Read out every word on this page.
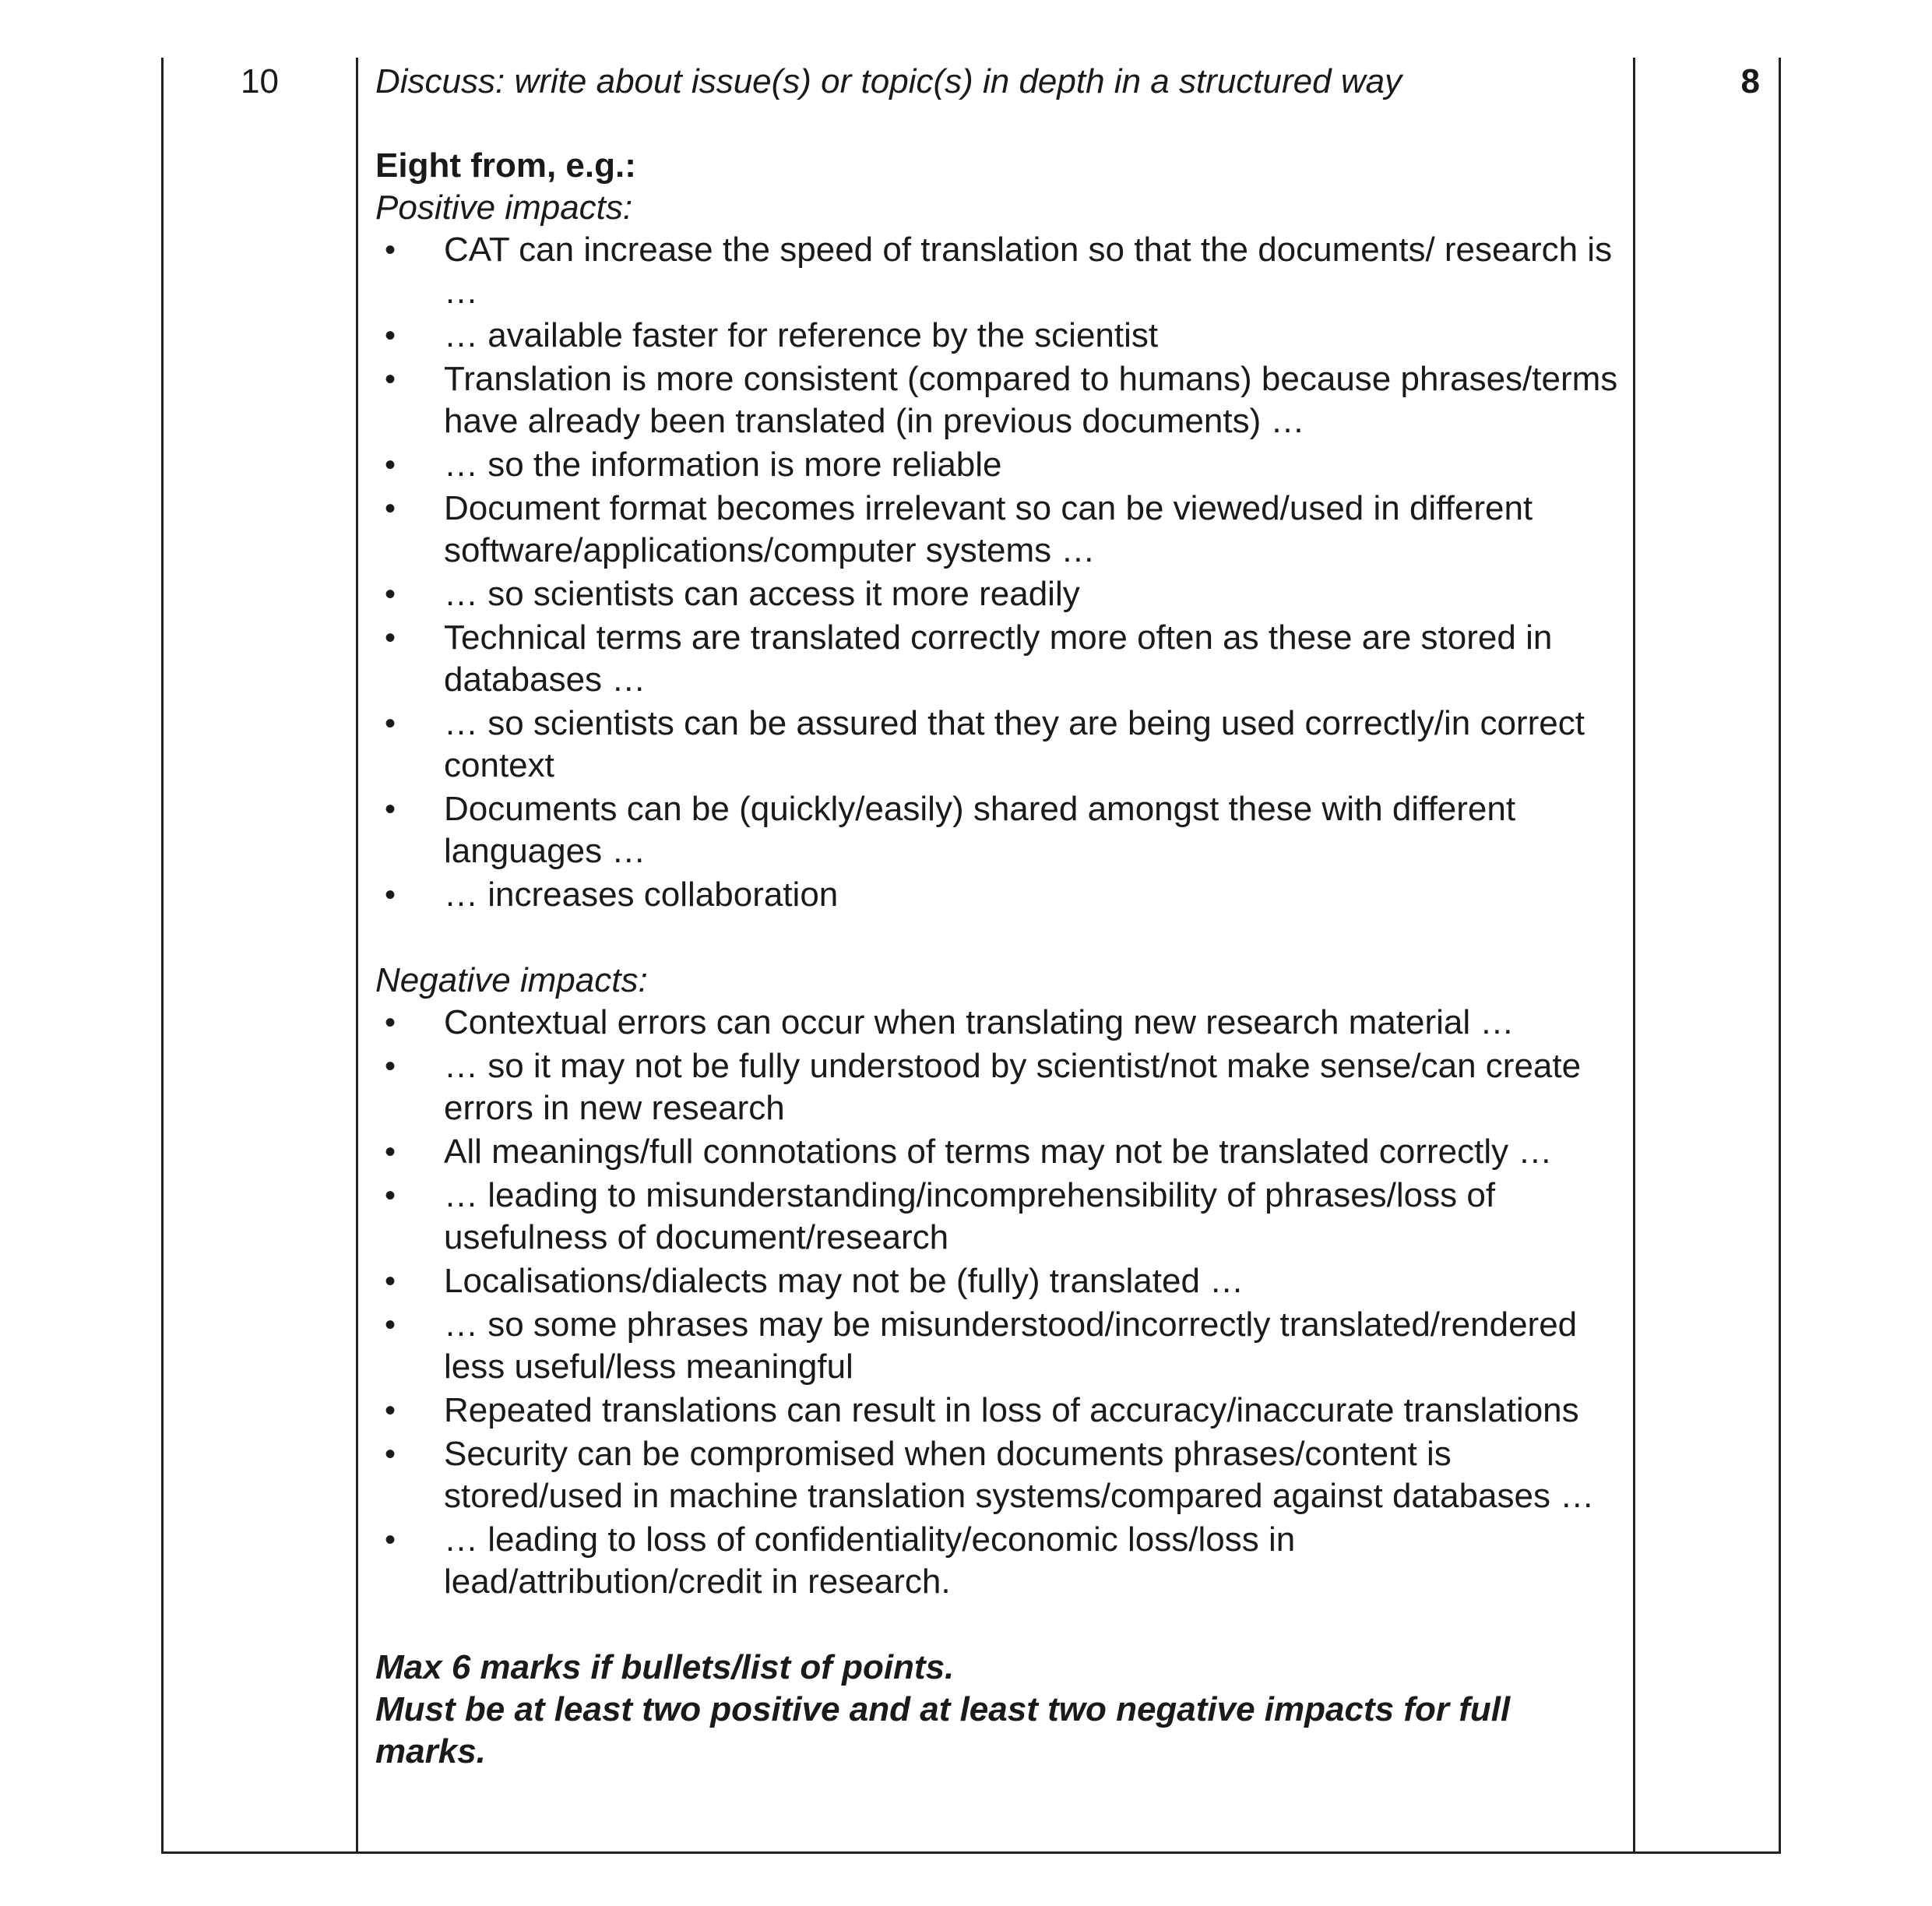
10	Discuss: write about issue(s) or topic(s) in depth in a structured way

Eight from, e.g.:

Positive impacts:

• CAT can increase the speed of translation so that the documents/ research is …
• … available faster for reference by the scientist
• Translation is more consistent (compared to humans) because phrases/terms have already been translated (in previous documents) …
• … so the information is more reliable
• Document format becomes irrelevant so can be viewed/used in different software/applications/computer systems …
• … so scientists can access it more readily
• Technical terms are translated correctly more often as these are stored in databases …
• … so scientists can be assured that they are being used correctly/in correct context
• Documents can be (quickly/easily) shared amongst these with different languages …
• … increases collaboration

Negative impacts:

• Contextual errors can occur when translating new research material …
• … so it may not be fully understood by scientist/not make sense/can create errors in new research
• All meanings/full connotations of terms may not be translated correctly …
• … leading to misunderstanding/incomprehensibility of phrases/loss of usefulness of document/research
• Localisations/dialects may not be (fully) translated …
• … so some phrases may be misunderstood/incorrectly translated/rendered less useful/less meaningful
• Repeated translations can result in loss of accuracy/inaccurate translations
• Security can be compromised when documents phrases/content is stored/used in machine translation systems/compared against databases …
• … leading to loss of confidentiality/economic loss/loss in lead/attribution/credit in research.

Max 6 marks if bullets/list of points.

Must be at least two positive and at least two negative impacts for full marks.

8
